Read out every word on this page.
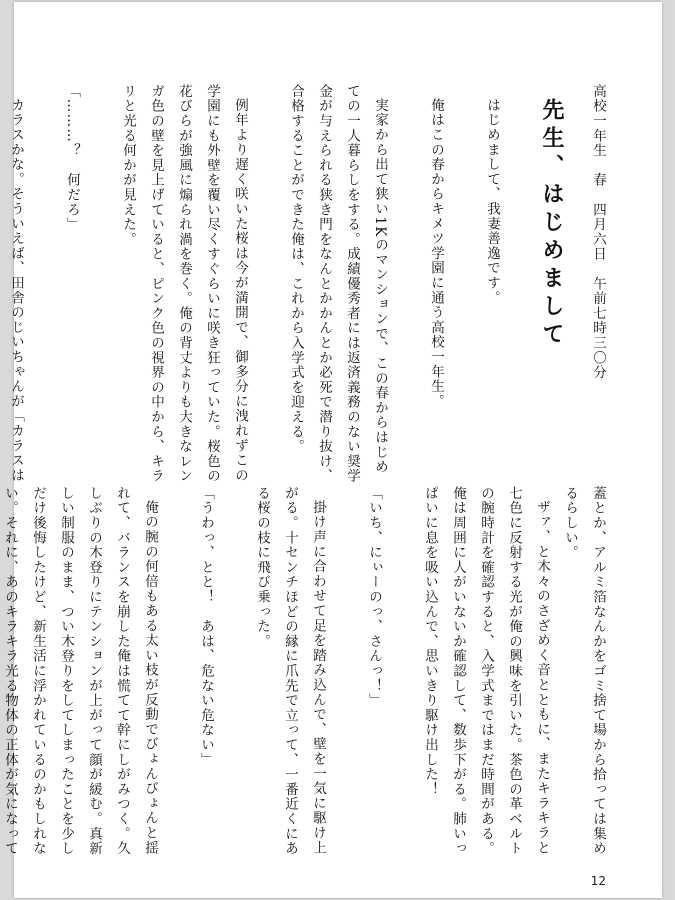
高校一年生　春　四月六日　午前七時三〇分
先生、はじめまして
はじめまして、我妻善逸です。
俺はこの春からキメツ学園に通う高校一年生。
実家から出て狭い1Kのマンションで、この春からはじめての一人暮らしをする。成績優秀者には返済義務のない奨学金が与えられる狭き門をなんとかかんとか必死で潜り抜け、合格することができた俺は、これから入学式を迎える。
例年より遅く咲いた桜は今が満開で、御多分に洩れずこの学園にも外壁を覆い尽くすぐらいに咲き狂っていた。桜色の花びらが強風に煽られ渦を巻く。俺の背丈よりも大きなレンガ色の壁を見上げていると、ピンク色の視界の中から、キラリと光る何かが見えた。
「………？　何だろ」
カラスかな。そういえば、田舎のじいちゃんが「カラスは
蓋とか、アルミ箔なんかをゴミ捨て場から拾っては集めるらしい。
ザァ、と木々のさざめく音とともに、またキラキラと七色に反射する光が俺の興味を引いた。茶色の革ベルトの腕時計を確認すると、入学式まではまだ時間がある。俺は周囲に人がいないか確認して、数歩下がる。肺いっぱいに息を吸い込んで、思いきり駆け出した！
「いち、にぃーのっ、さんっ！」
掛け声に合わせて足を踏み込んで、壁を一気に駆け上がる。十センチほどの縁に爪先で立って、一番近くにある桜の枝に飛び乗った。
「うわっ、とと！　あは、危ない危ない」
俺の腕の何倍もある太い枝が反動でびょんびょんと揺れて、バランスを崩した俺は慌てて幹にしがみつく。久しぶりの木登りにテンションが上がって顔が緩む。真新しい制服のまま、つい木登りをしてしまったことを少しだけ後悔したけど、新生活に浮かれているのかもしれない。それに、あのキラキラ光る物体の正体が気になって
12
